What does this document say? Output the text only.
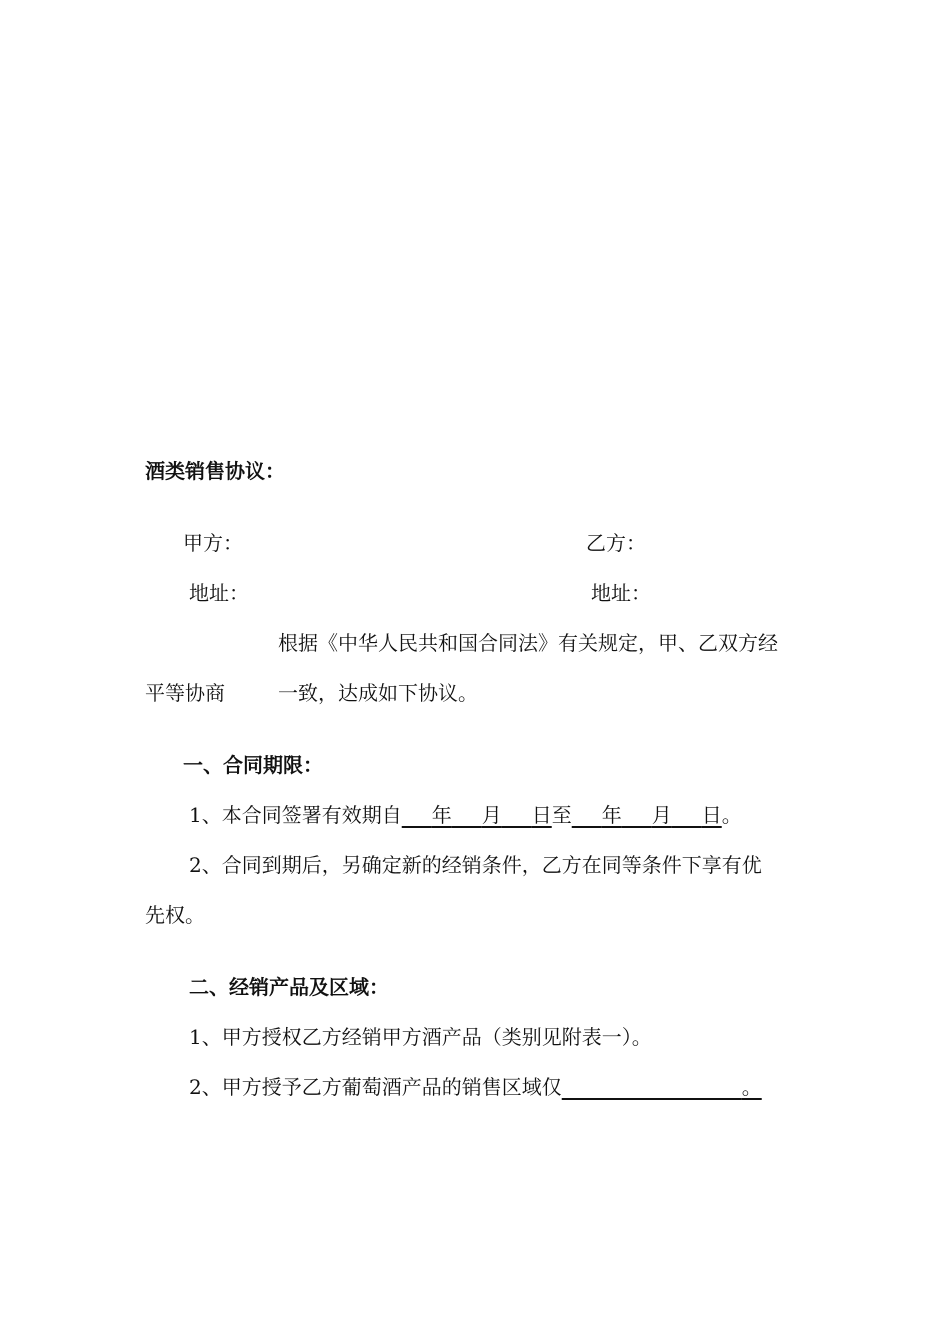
酒类销售协议：
甲方：	乙方：
地址：	地址：
根据《中华人民共和国合同法》有关规定，甲、乙双方经
平等协商	一致，达成如下协议。
一、合同期限：
1、本合同签署有效期自   年   月   日至   年   月   日。
2、合同到期后，另确定新的经销条件，乙方在同等条件下享有优
先权。
二、经销产品及区域：
1、甲方授权乙方经销甲方酒产品（类别见附表一）。
2、甲方授予乙方葡萄酒产品的销售区域仅         	。
